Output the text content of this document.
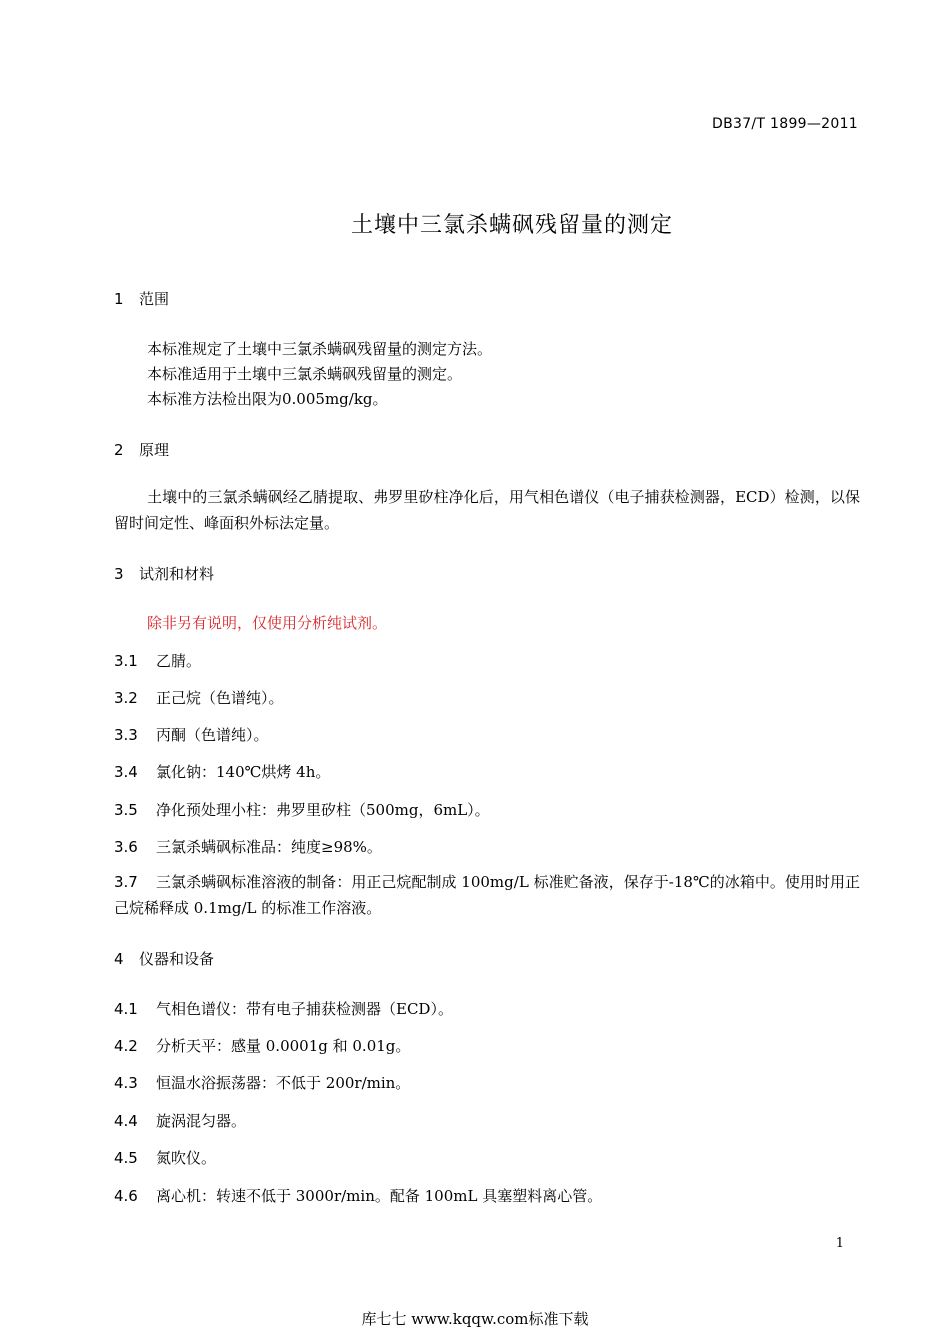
DB37/T 1899—2011
土壤中三氯杀螨砜残留量的测定
1 范围
本标准规定了土壤中三氯杀螨砜残留量的测定方法。
本标准适用于土壤中三氯杀螨砜残留量的测定。
本标准方法检出限为0.005mg/kg。
2 原理
土壤中的三氯杀螨砜经乙腈提取、弗罗里矽柱净化后，用气相色谱仪（电子捕获检测器，ECD）检测，以保留时间定性、峰面积外标法定量。
3 试剂和材料
除非另有说明，仅使用分析纯试剂。
3.1 乙腈。
3.2 正己烷（色谱纯）。
3.3 丙酮（色谱纯）。
3.4 氯化钠：140℃烘烤 4h。
3.5 净化预处理小柱：弗罗里矽柱（500mg，6mL）。
3.6 三氯杀螨砜标准品：纯度≥98%。
3.7 三氯杀螨砜标准溶液的制备：用正己烷配制成 100mg/L 标准贮备液，保存于-18℃的冰箱中。使用时用正己烷稀释成 0.1mg/L 的标准工作溶液。
4 仪器和设备
4.1 气相色谱仪：带有电子捕获检测器（ECD）。
4.2 分析天平：感量 0.0001g 和 0.01g。
4.3 恒温水浴振荡器：不低于 200r/min。
4.4 旋涡混匀器。
4.5 氮吹仪。
4.6 离心机：转速不低于 3000r/min。配备 100mL 具塞塑料离心管。
1
库七七 www.kqqw.com标准下载
